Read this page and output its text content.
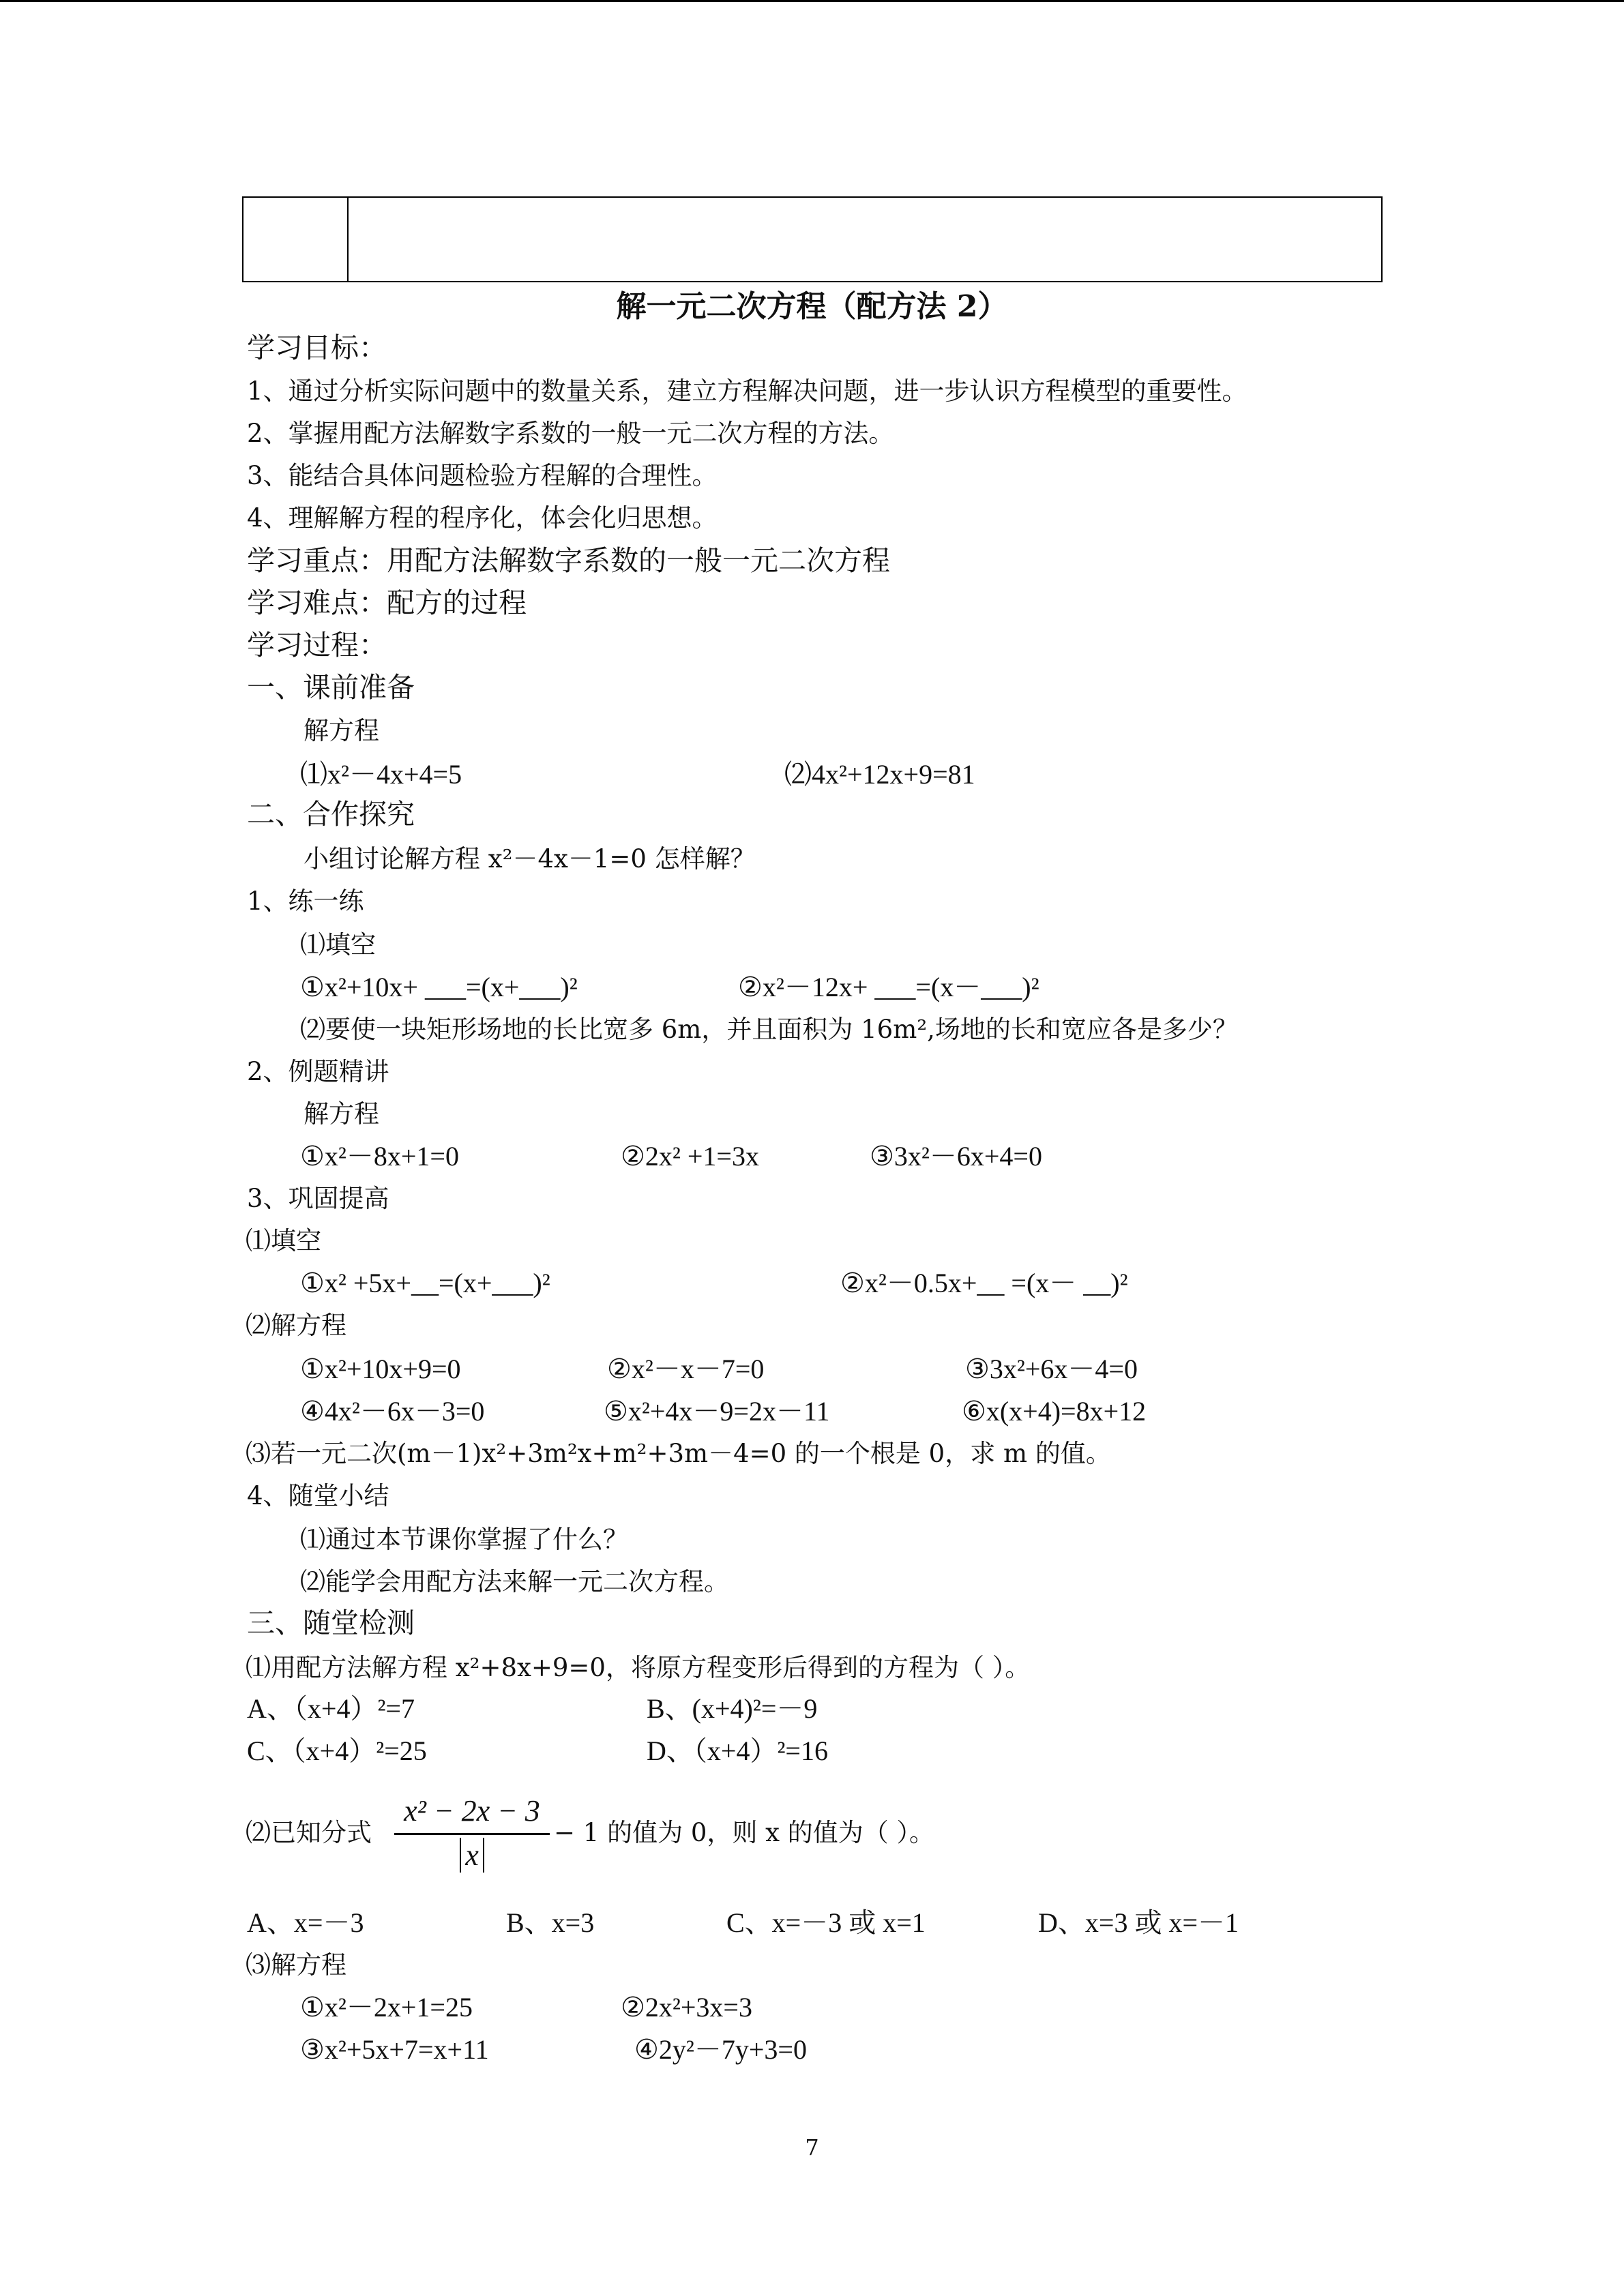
解一元二次方程（配方法 2）
学习目标：
1、通过分析实际问题中的数量关系，建立方程解决问题，进一步认识方程模型的重要性。
2、掌握用配方法解数字系数的一般一元二次方程的方法。
3、能结合具体问题检验方程解的合理性。
4、理解解方程的程序化，体会化归思想。
学习重点：用配方法解数字系数的一般一元二次方程
学习难点：配方的过程
学习过程：
一、课前准备
解方程
⑴x²－4x+4=5	⑵4x²+12x+9=81
二、合作探究
小组讨论解方程 x²－4x－1=0 怎样解？
1、练一练
⑴填空
①x²+10x+ ___=(x+___)²	②x²－12x+ ___=(x－___)²
⑵要使一块矩形场地的长比宽多 6m，并且面积为 16m²,场地的长和宽应各是多少？
2、例题精讲
解方程
①x²－8x+1=0	②2x² +1=3x	③3x²－6x+4=0
3、巩固提高
⑴填空
①x² +5x+__=(x+___)²	②x²－0.5x+__ =(x－ __)²
⑵解方程
①x²+10x+9=0	②x²－x－7=0	③3x²+6x－4=0
④4x²－6x－3=0	⑤x²+4x－9=2x－11	⑥x(x+4)=8x+12
⑶若一元二次(m－1)x²+3m²x+m²+3m－4=0 的一个根是 0，求 m 的值。
4、随堂小结
⑴通过本节课你掌握了什么？
⑵能学会用配方法来解一元二次方程。
三、随堂检测
⑴用配方法解方程 x²+8x+9=0，将原方程变形后得到的方程为（ ）。
A、（x+4）²=7	B、(x+4)²=－9
C、（x+4）²=25	D、（x+4）²=16
⑵已知分式
x² − 2x − 3
x
− 1 的值为 0，则 x 的值为（ ）。
A、x=－3	B、x=3	C、x=－3 或 x=1	D、x=3 或 x=－1
⑶解方程
①x²－2x+1=25	②2x²+3x=3
③x²+5x+7=x+11	④2y²－7y+3=0
7
